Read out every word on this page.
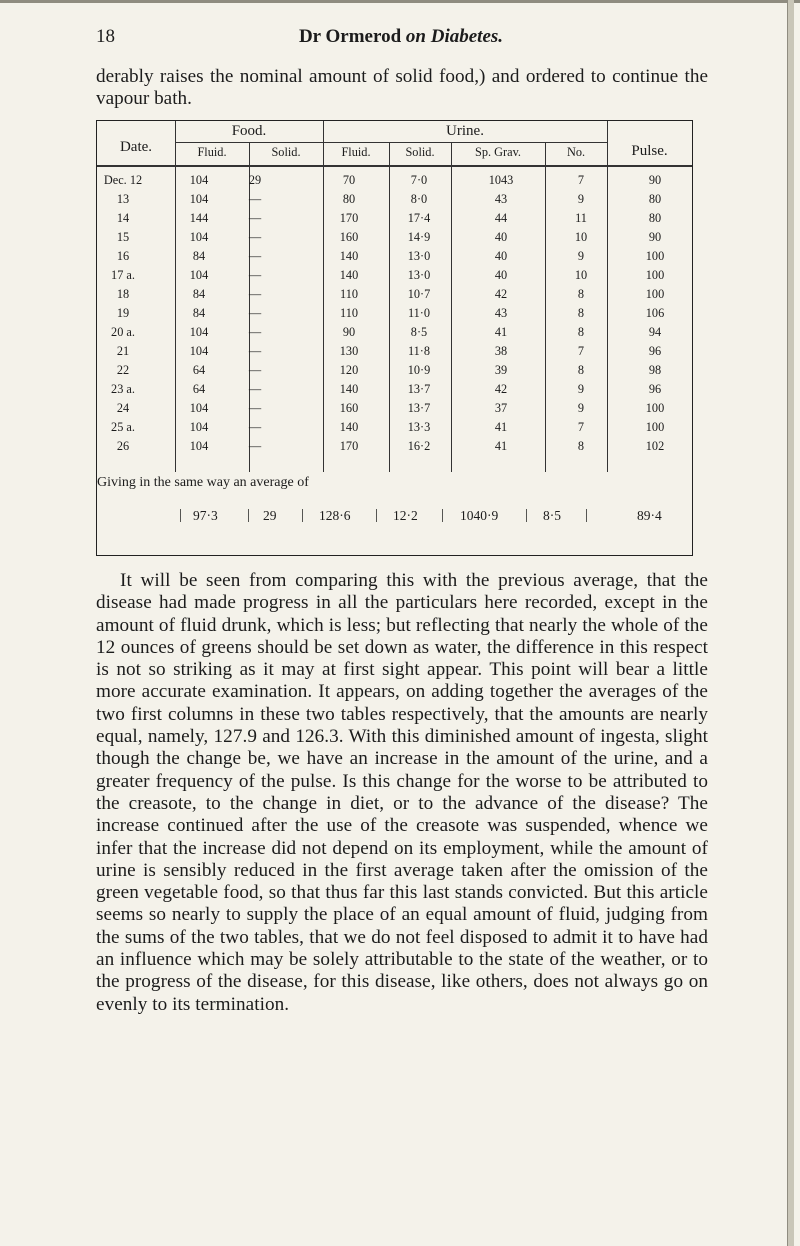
18	Dr Ormerod on Diabetes.

derably raises the nominal amount of solid food,) and ordered to continue the vapour bath.

Date.
Food.	Urine.
Pulse.
Fluid.	Solid.	Fluid.	Solid.	Sp. Grav.	No.
Dec. 12	104	29	70	7·0	1043	7	90
13	104	—	80	8·0	43	9	80
14	144	—	170	17·4	44	11	80
15	104	—	160	14·9	40	10	90
16	84	—	140	13·0	40	9	100
17 a.	104	—	140	13·0	40	10	100
18	84	—	110	10·7	42	8	100
19	84	—	110	11·0	43	8	106
20 a.	104	—	90	8·5	41	8	94
21	104	—	130	11·8	38	7	96
22	64	—	120	10·9	39	8	98
23 a.	64	—	140	13·7	42	9	96
24	104	—	160	13·7	37	9	100
25 a.	104	—	140	13·3	41	7	100
26	104	—	170	16·2	41	8	102
Giving in the same way an average of
| 97·3 | 29 | 128·6 | 12·2 | 1040·9 | 8·5 |	89·4

It will be seen from comparing this with the previous average, that the disease had made progress in all the particulars here recorded, except in the amount of fluid drunk, which is less; but reflecting that nearly the whole of the 12 ounces of greens should be set down as water, the difference in this respect is not so striking as it may at first sight appear. This point will bear a little more accurate examination. It appears, on adding together the averages of the two first columns in these two tables respectively, that the amounts are nearly equal, namely, 127.9 and 126.3. With this diminished amount of ingesta, slight though the change be, we have an increase in the amount of the urine, and a greater frequency of the pulse. Is this change for the worse to be attributed to the creasote, to the change in diet, or to the advance of the disease? The increase continued after the use of the creasote was suspended, whence we infer that the increase did not depend on its employment, while the amount of urine is sensibly reduced in the first average taken after the omission of the green vegetable food, so that thus far this last stands convicted. But this article seems so nearly to supply the place of an equal amount of fluid, judging from the sums of the two tables, that we do not feel disposed to admit it to have had an influence which may be solely attributable to the state of the weather, or to the progress of the disease, for this disease, like others, does not always go on evenly to its termination.
